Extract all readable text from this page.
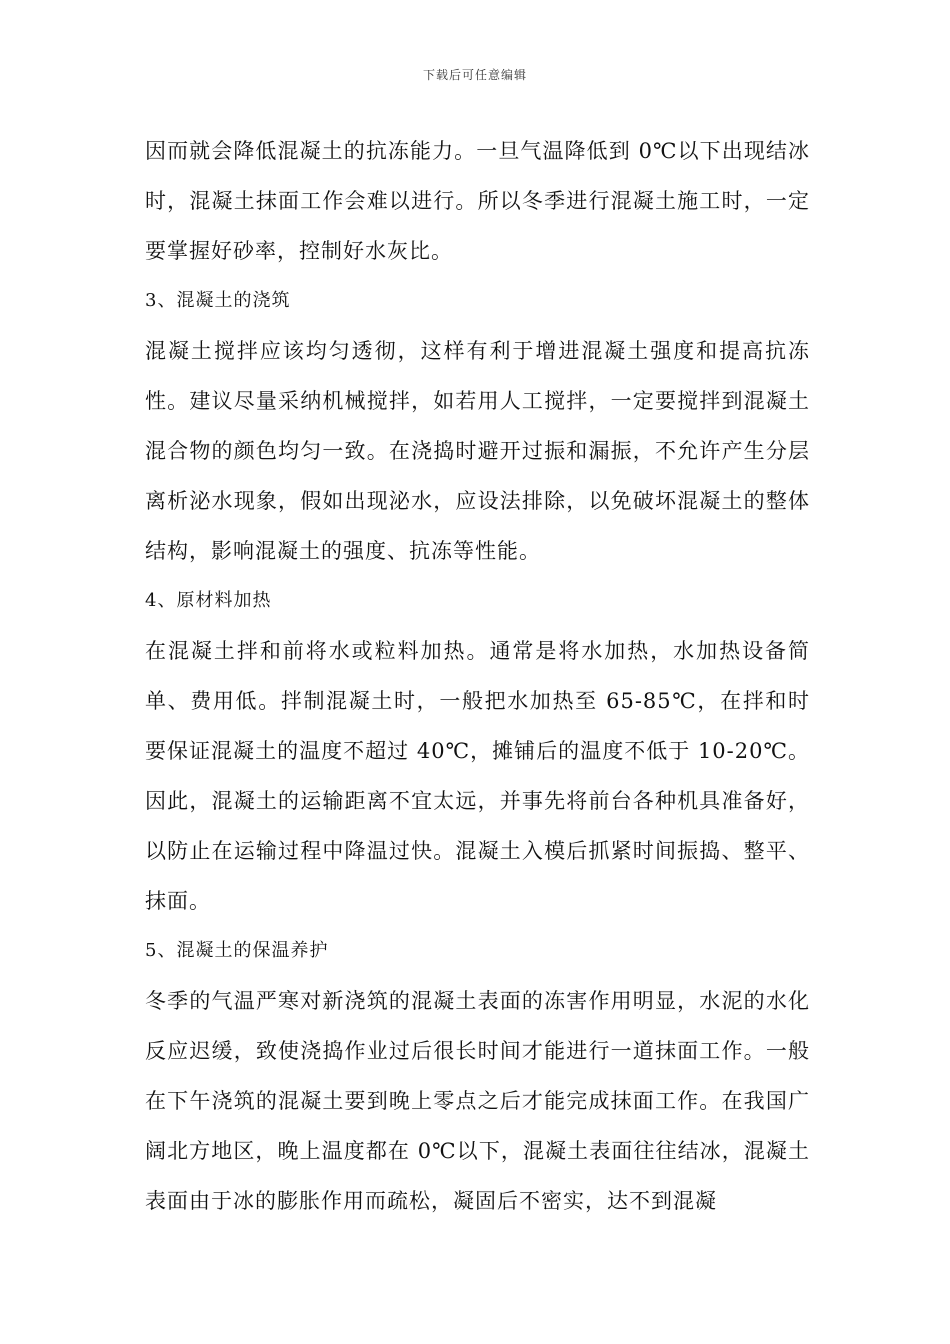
下载后可任意编辑

因而就会降低混凝土的抗冻能力。一旦气温降低到 0℃以下出现结冰时，混凝土抹面工作会难以进行。所以冬季进行混凝土施工时，一定要掌握好砂率，控制好水灰比。

3、混凝土的浇筑

混凝土搅拌应该均匀透彻，这样有利于增进混凝土强度和提高抗冻性。建议尽量采纳机械搅拌，如若用人工搅拌，一定要搅拌到混凝土混合物的颜色均匀一致。在浇捣时避开过振和漏振，不允许产生分层离析泌水现象，假如出现泌水，应设法排除，以免破坏混凝土的整体结构，影响混凝土的强度、抗冻等性能。

4、原材料加热

在混凝土拌和前将水或粒料加热。通常是将水加热，水加热设备简单、费用低。拌制混凝土时，一般把水加热至 65-85℃，在拌和时要保证混凝土的温度不超过 40℃，摊铺后的温度不低于 10-20℃。因此，混凝土的运输距离不宜太远，并事先将前台各种机具准备好，以防止在运输过程中降温过快。混凝土入模后抓紧时间振捣、整平、抹面。

5、混凝土的保温养护

冬季的气温严寒对新浇筑的混凝土表面的冻害作用明显，水泥的水化反应迟缓，致使浇捣作业过后很长时间才能进行一道抹面工作。一般在下午浇筑的混凝土要到晚上零点之后才能完成抹面工作。在我国广阔北方地区，晚上温度都在 0℃以下，混凝土表面往往结冰，混凝土表面由于冰的膨胀作用而疏松，凝固后不密实，达不到混凝
